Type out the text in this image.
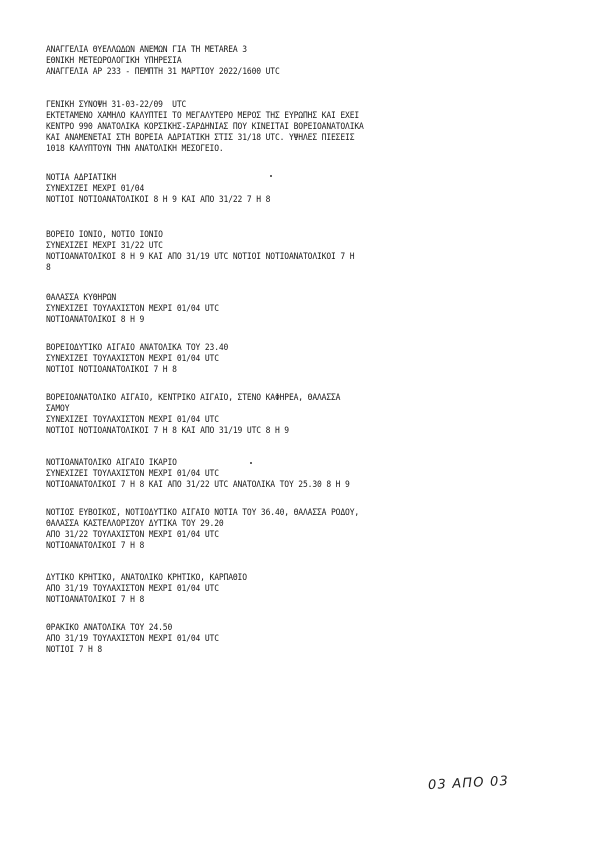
ΑΝΑΓΓΕΛΙΑ ΘΥΕΛΛΩΔΩΝ ΑΝΕΜΩΝ ΓΙΑ ΤΗ METAREA 3
ΕΘΝΙΚΗ ΜΕΤΕΩΡΟΛΟΓΙΚΗ ΥΠΗΡΕΣΙΑ
ΑΝΑΓΓΕΛΙΑ ΑΡ 233 - ΠΕΜΠΤΗ 31 ΜΑΡΤΙΟΥ 2022/1600 UTC
ΓΕΝΙΚΗ ΣΥΝΟΨΗ 31-03-22/09  UTC
ΕΚΤΕΤΑΜΕΝΟ ΧΑΜΗΛΟ ΚΑΛΥΠΤΕΙ ΤΟ ΜΕΓΑΛΥΤΕΡΟ ΜΕΡΟΣ ΤΗΣ ΕΥΡΩΠΗΣ ΚΑΙ ΕΧΕΙ
ΚΕΝΤΡΟ 990 ΑΝΑΤΟΛΙΚΑ ΚΟΡΣΙΚΗΣ-ΣΑΡΔΗΝΙΑΣ ΠΟΥ ΚΙΝΕΙΤΑΙ ΒΟΡΕΙΟΑΝΑΤΟΛΙΚΑ
ΚΑΙ ΑΝΑΜΕΝΕΤΑΙ ΣΤΗ ΒΟΡΕΙΑ ΑΔΡΙΑΤΙΚΗ ΣΤΙΣ 31/18 UTC. ΥΨΗΛΕΣ ΠΙΕΣΕΙΣ
1018 ΚΑΛΥΠΤΟΥΝ ΤΗΝ ΑΝΑΤΟΛΙΚΗ ΜΕΣΟΓΕΙΟ.
ΝΟΤΙΑ ΑΔΡΙΑΤΙΚΗ
ΣΥΝΕΧΙΖΕΙ ΜΕΧΡΙ 01/04
ΝΟΤΙΟΙ ΝΟΤΙΟΑΝΑΤΟΛΙΚΟΙ 8 Η 9 ΚΑΙ ΑΠΟ 31/22 7 Η 8
ΒΟΡΕΙΟ ΙΟΝΙΟ, ΝΟΤΙΟ ΙΟΝΙΟ
ΣΥΝΕΧΙΖΕΙ ΜΕΧΡΙ 31/22 UTC
ΝΟΤΙΟΑΝΑΤΟΛΙΚΟΙ 8 Η 9 ΚΑΙ ΑΠΟ 31/19 UTC ΝΟΤΙΟΙ ΝΟΤΙΟΑΝΑΤΟΛΙΚΟΙ 7 Η
8
ΘΑΛΑΣΣΑ ΚΥΘΗΡΩΝ
ΣΥΝΕΧΙΖΕΙ ΤΟΥΛΑΧΙΣΤΟΝ ΜΕΧΡΙ 01/04 UTC
ΝΟΤΙΟΑΝΑΤΟΛΙΚΟΙ 8 Η 9
ΒΟΡΕΙΟΔΥΤΙΚΟ ΑΙΓΑΙΟ ΑΝΑΤΟΛΙΚΑ ΤΟΥ 23.40
ΣΥΝΕΧΙΖΕΙ ΤΟΥΛΑΧΙΣΤΟΝ ΜΕΧΡΙ 01/04 UTC
ΝΟΤΙΟΙ ΝΟΤΙΟΑΝΑΤΟΛΙΚΟΙ 7 Η 8
ΒΟΡΕΙΟΑΝΑΤΟΛΙΚΟ ΑΙΓΑΙΟ, ΚΕΝΤΡΙΚΟ ΑΙΓΑΙΟ, ΣΤΕΝΟ ΚΑΦΗΡΕΑ, ΘΑΛΑΣΣΑ
ΣΑΜΟΥ
ΣΥΝΕΧΙΖΕΙ ΤΟΥΛΑΧΙΣΤΟΝ ΜΕΧΡΙ 01/04 UTC
ΝΟΤΙΟΙ ΝΟΤΙΟΑΝΑΤΟΛΙΚΟΙ 7 Η 8 ΚΑΙ ΑΠΟ 31/19 UTC 8 Η 9
ΝΟΤΙΟΑΝΑΤΟΛΙΚΟ ΑΙΓΑΙΟ ΙΚΑΡΙΟ
ΣΥΝΕΧΙΖΕΙ ΤΟΥΛΑΧΙΣΤΟΝ ΜΕΧΡΙ 01/04 UTC
ΝΟΤΙΟΑΝΑΤΟΛΙΚΟΙ 7 Η 8 ΚΑΙ ΑΠΟ 31/22 UTC ΑΝΑΤΟΛΙΚΑ ΤΟΥ 25.30 8 Η 9
ΝΟΤΙΟΣ ΕΥΒΟΙΚΟΣ, ΝΟΤΙΟΔΥΤΙΚΟ ΑΙΓΑΙΟ ΝΟΤΙΑ ΤΟΥ 36.40, ΘΑΛΑΣΣΑ ΡΟΔΟΥ,
ΘΑΛΑΣΣΑ ΚΑΣΤΕΛΛΟΡΙΖΟΥ ΔΥΤΙΚΑ ΤΟΥ 29.20
ΑΠΟ 31/22 ΤΟΥΛΑΧΙΣΤΟΝ ΜΕΧΡΙ 01/04 UTC
ΝΟΤΙΟΑΝΑΤΟΛΙΚΟΙ 7 Η 8
ΔΥΤΙΚΟ ΚΡΗΤΙΚΟ, ΑΝΑΤΟΛΙΚΟ ΚΡΗΤΙΚΟ, ΚΑΡΠΑΘΙΟ
ΑΠΟ 31/19 ΤΟΥΛΑΧΙΣΤΟΝ ΜΕΧΡΙ 01/04 UTC
ΝΟΤΙΟΑΝΑΤΟΛΙΚΟΙ 7 Η 8
ΘΡΑΚΙΚΟ ΑΝΑΤΟΛΙΚΑ ΤΟΥ 24.50
ΑΠΟ 31/19 ΤΟΥΛΑΧΙΣΤΟΝ ΜΕΧΡΙ 01/04 UTC
ΝΟΤΙΟΙ 7 Η 8
03 ΑΠΟ 03
